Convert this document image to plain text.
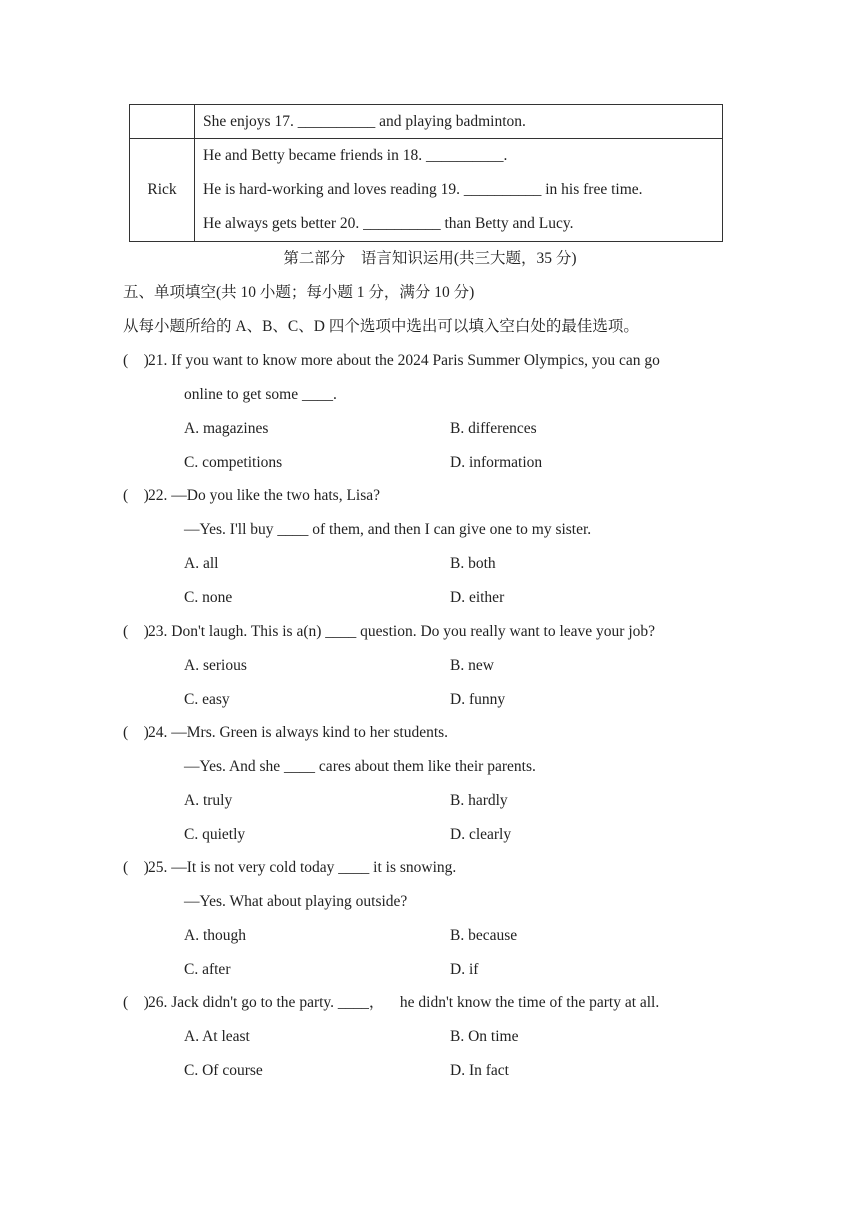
	She enjoys 17. __________ and playing badminton.
Rick	He and Betty became friends in 18. __________.
He is hard-working and loves reading 19. __________ in his free time.
He always gets better 20. __________ than Betty and Lucy.
第二部分　语言知识运用(共三大题，35 分)
五、单项填空(共 10 小题；每小题 1 分，满分 10 分)
从每小题所给的 A、B、C、D 四个选项中选出可以填入空白处的最佳选项。
( )21. If you want to know more about the 2024 Paris Summer Olympics, you can go
online to get some ____.
A. magazines	B. differences
C. competitions	D. information
( )22. —Do you like the two hats, Lisa?
—Yes. I'll buy ____ of them, and then I can give one to my sister.
A. all	B. both
C. none	D. either
( )23. Don't laugh. This is a(n) ____ question. Do you really want to leave your job?
A. serious	B. new
C. easy	D. funny
( )24. —Mrs. Green is always kind to her students.
—Yes. And she ____ cares about them like their parents.
A. truly	B. hardly
C. quietly	D. clearly
( )25. —It is not very cold today ____ it is snowing.
—Yes. What about playing outside?
A. though	B. because
C. after	D. if
( )26. Jack didn't go to the party. ____， he didn't know the time of the party at all.
A. At least	B. On time
C. Of course	D. In fact
